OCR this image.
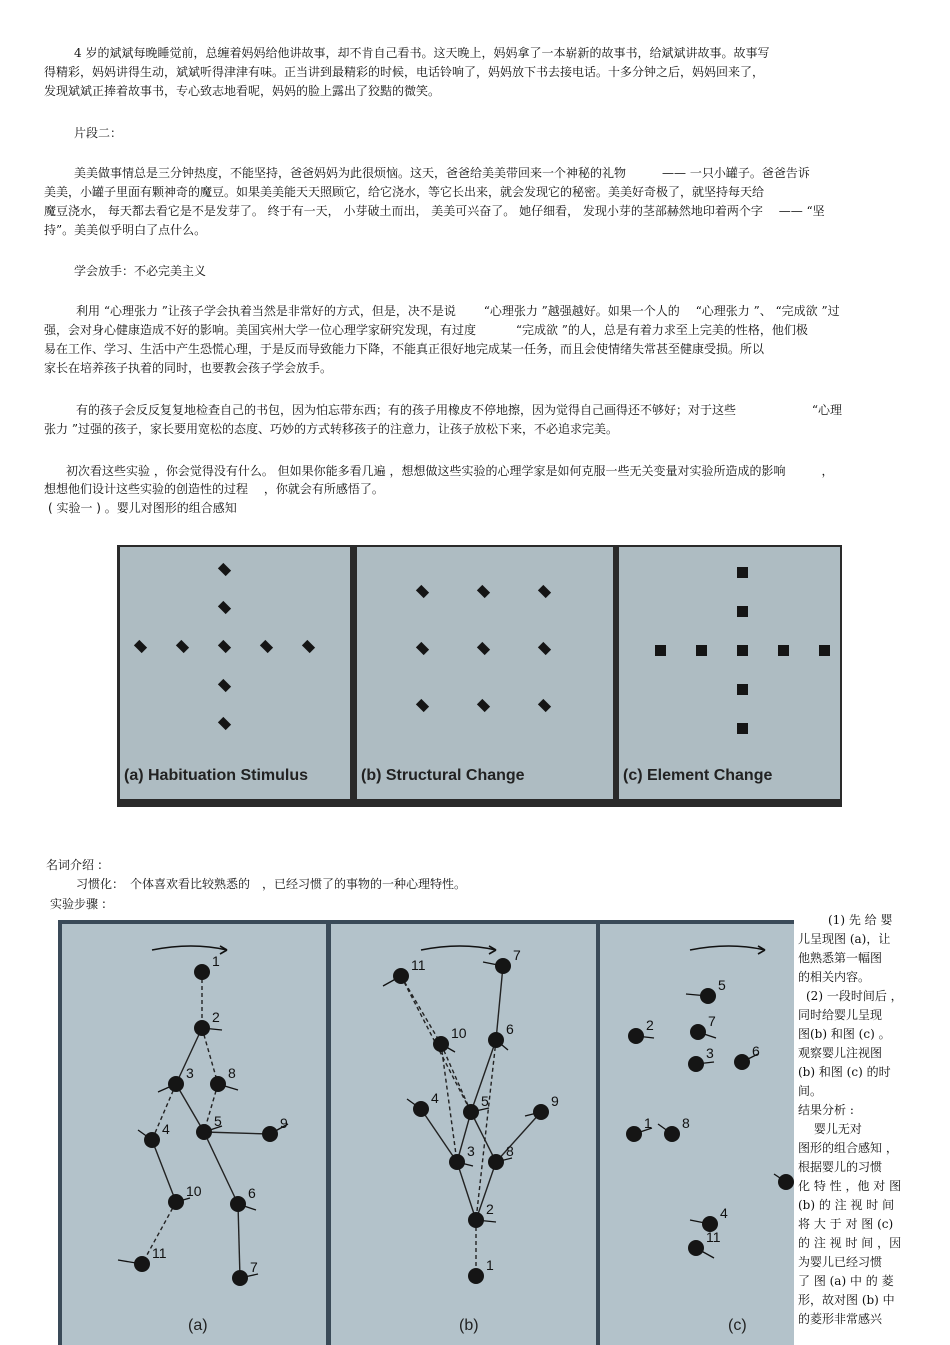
4 岁的斌斌每晚睡觉前，总缠着妈妈给他讲故事，却不肯自己看书。这天晚上，妈妈拿了一本崭新的故事书，给斌斌讲故事。故事写
得精彩，妈妈讲得生动，斌斌听得津津有味。正当讲到最精彩的时候，电话铃响了，妈妈放下书去接电话。十多分钟之后，妈妈回来了，
发现斌斌正捧着故事书，专心致志地看呢，妈妈的脸上露出了狡黠的微笑。
片段二：
美美做事情总是三分钟热度，不能坚持，爸爸妈妈为此很烦恼。这天，爸爸给美美带回来一个神秘的礼物　　　—— 一只小罐子。爸爸告诉
美美，小罐子里面有颗神奇的魔豆。如果美美能天天照顾它，给它浇水，等它长出来，就会发现它的秘密。美美好奇极了，就坚持每天给
魔豆浇水， 每天都去看它是不是发芽了。 终于有一天， 小芽破土而出， 美美可兴奋了。 她仔细看， 发现小芽的茎部赫然地印着两个字　 —— “坚
持”。美美似乎明白了点什么。
学会放手：不必完美主义
利用 “心理张力 ”让孩子学会执着当然是非常好的方式，但是，决不是说　　 “心理张力 ”越强越好。如果一个人的　 “心理张力 ”、 “完成欲 ”过
强，会对身心健康造成不好的影响。美国宾州大学一位心理学家研究发现，有过度　　　 “完成欲 ”的人，总是有着力求至上完美的性格，他们极
易在工作、学习、生活中产生恐慌心理，于是反而导致能力下降，不能真正很好地完成某一任务，而且会使情绪失常甚至健康受损。所以
家长在培养孩子执着的同时，也要教会孩子学会放手。
有的孩子会反反复复地检查自己的书包，因为怕忘带东西；有的孩子用橡皮不停地擦，因为觉得自己画得还不够好；对于这些　　　　　　 “心理
张力 ”过强的孩子，家长要用宽松的态度、巧妙的方式转移孩子的注意力，让孩子放松下来，不必追求完美。
初次看这些实验 ，你会觉得没有什么。 但如果你能多看几遍 ，想想做这些实验的心理学家是如何克服一些无关变量对实验所造成的影响　　　，
想想他们设计这些实验的创造性的过程　 ，你就会有所感悟了。
( 实验一 ) 。婴儿对图形的组合感知
(a) Habituation Stimulus	(b) Structural Change	(c) Element Change
名词介绍 :
习惯化：　个体喜欢看比较熟悉的　，已经习惯了的事物的一种心理特性。
实验步骤 :
1
2
3 8
4	5	9
10	6
11
7
(a)
11
7
10	6
4	5	9
3 8
2
1
(b)
5
2	7
3	6
1 8
4
11
(c)
(1) 先 给 婴
儿呈现图 (a)，让
他熟悉第一幅图
的相关内容。
(2) 一段时间后 ，
同时给婴儿呈现
图(b) 和图 (c) 。
观察婴儿注视图
(b) 和图 (c) 的时
间。
结果分析 :
　 婴儿无对
图形的组合感知 ，
根据婴儿的习惯
化 特 性 ，他 对 图
(b) 的 注 视 时 间
将 大 于 对 图 (c)
的 注 视 时 间 ，因
为婴儿已经习惯
了 图 (a) 中 的 菱
形，故对图 (b) 中
的菱形非常感兴
